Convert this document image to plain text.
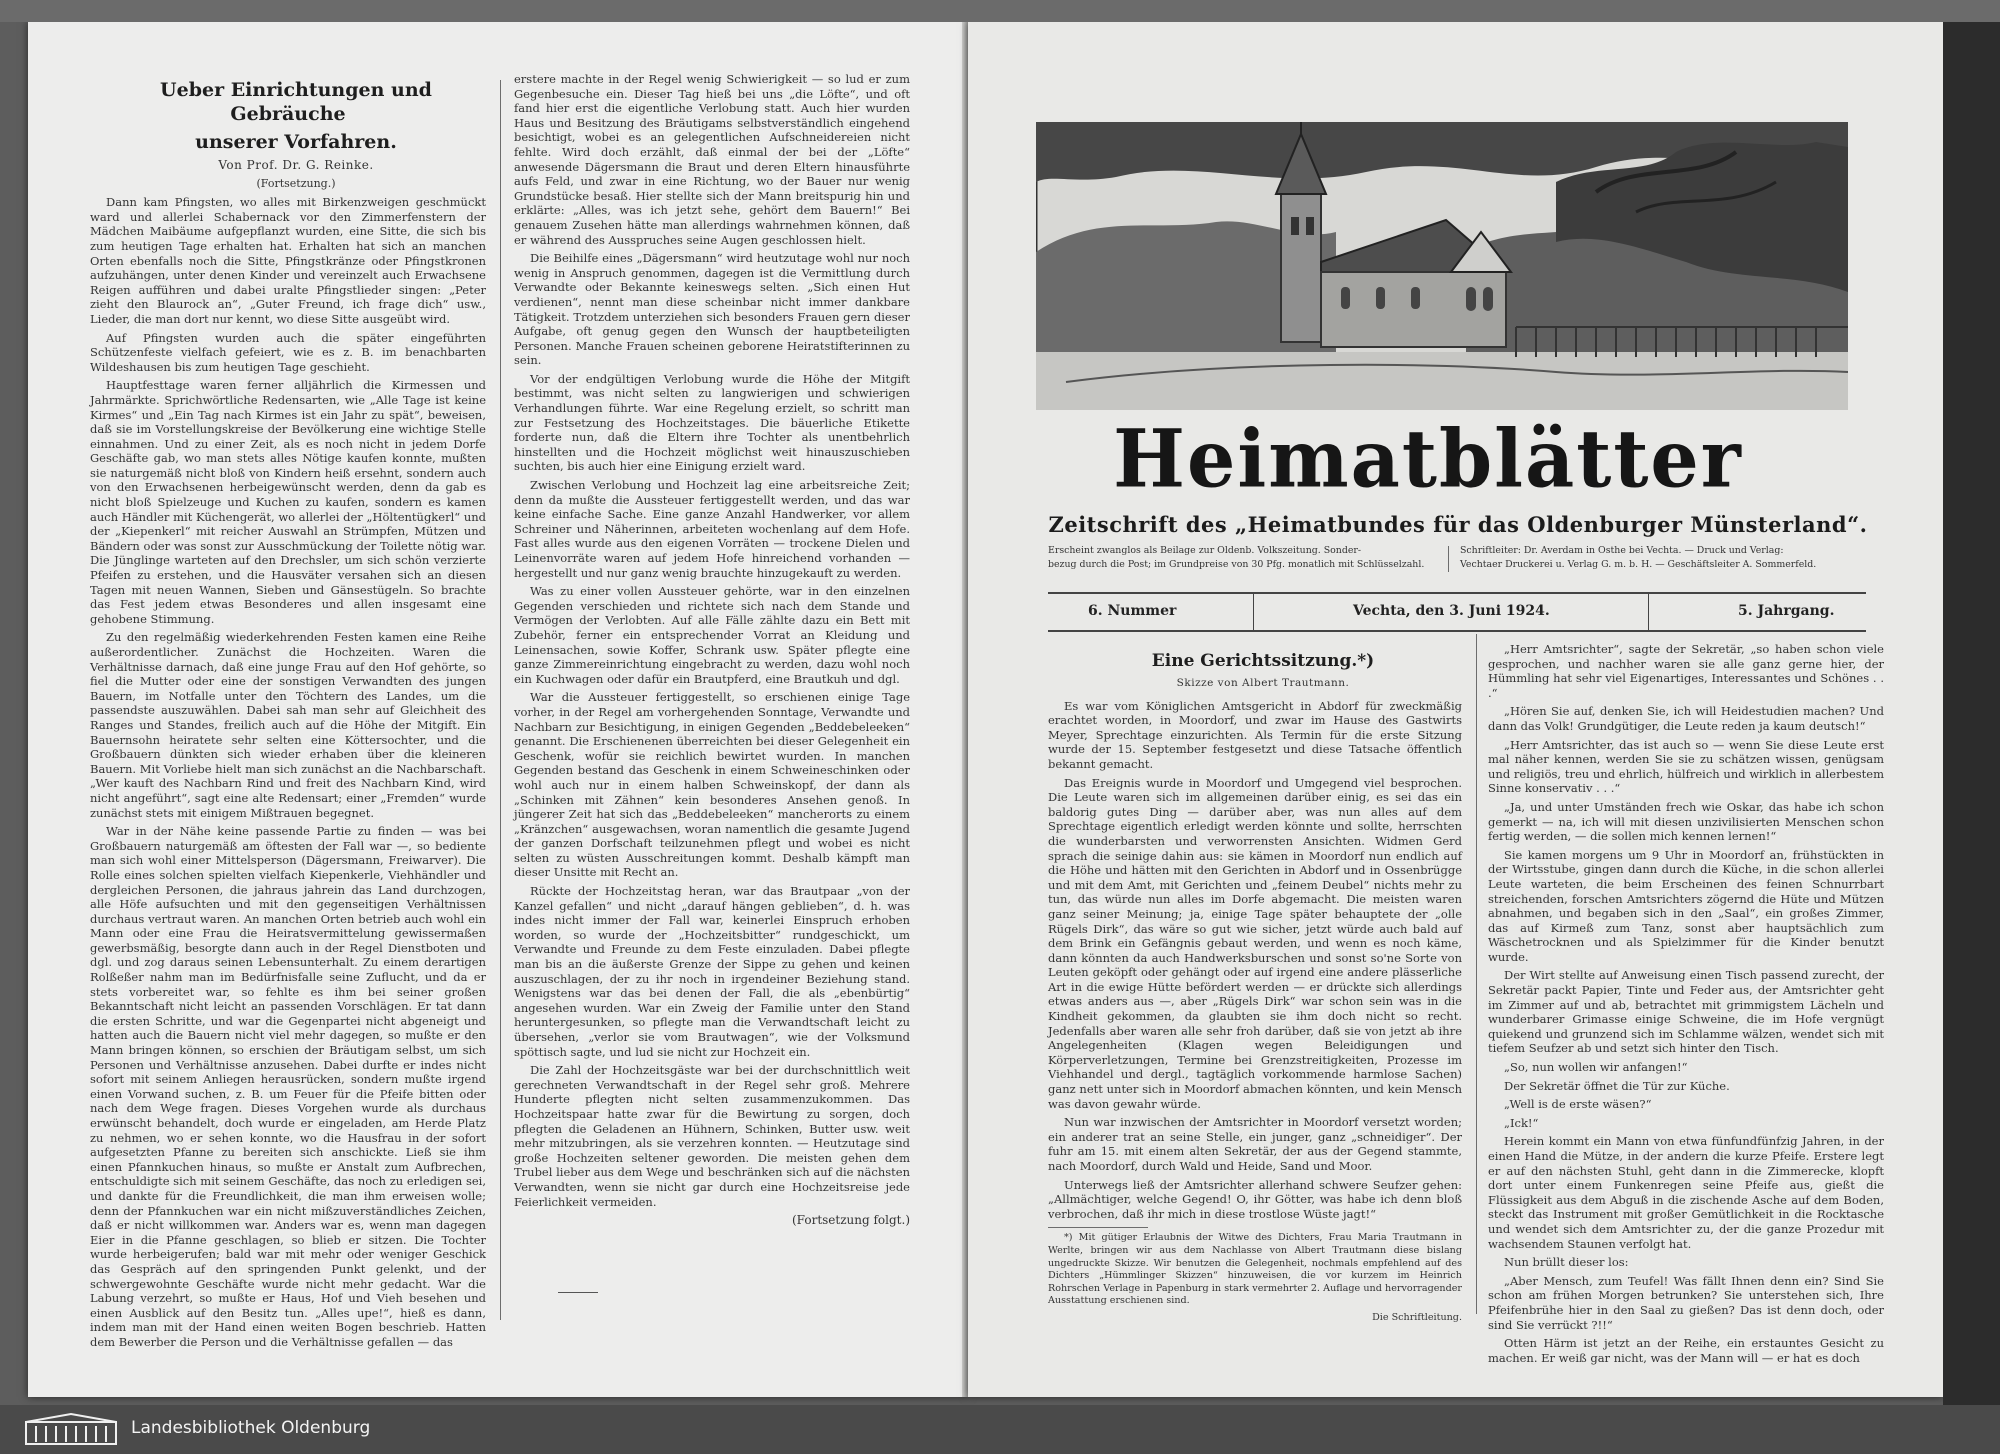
Ueber Einrichtungen und Gebräuche

unserer Vorfahren.

Von Prof. Dr. G. Reinke.

(Fortsetzung.)

Dann kam Pfingsten, wo alles mit Birkenzweigen geschmückt ward und allerlei Schabernack vor den Zimmerfenstern der Mädchen Maibäume aufgepflanzt wurden, eine Sitte, die sich bis zum heutigen Tage erhalten hat. Erhalten hat sich an manchen Orten ebenfalls noch die Sitte, Pfingstkränze oder Pfingstkronen aufzuhängen, unter denen Kinder und vereinzelt auch Erwachsene Reigen aufführen und dabei uralte Pfingstlieder singen: „Peter zieht den Blaurock an“, „Guter Freund, ich frage dich“ usw., Lieder, die man dort nur kennt, wo diese Sitte ausgeübt wird.

Auf Pfingsten wurden auch die später eingeführten Schützenfeste vielfach gefeiert, wie es z. B. im benachbarten Wildeshausen bis zum heutigen Tage geschieht.

Hauptfesttage waren ferner alljährlich die Kirmessen und Jahrmärkte. Sprichwörtliche Redensarten, wie „Alle Tage ist keine Kirmes“ und „Ein Tag nach Kirmes ist ein Jahr zu spät“, beweisen, daß sie im Vorstellungskreise der Bevölkerung eine wichtige Stelle einnahmen. Und zu einer Zeit, als es noch nicht in jedem Dorfe Geschäfte gab, wo man stets alles Nötige kaufen konnte, mußten sie naturgemäß nicht bloß von Kindern heiß ersehnt, sondern auch von den Erwachsenen herbeigewünscht werden, denn da gab es nicht bloß Spielzeuge und Kuchen zu kaufen, sondern es kamen auch Händler mit Küchengerät, wo allerlei der „Höltentügkerl“ und der „Kiepenkerl“ mit reicher Auswahl an Strümpfen, Mützen und Bändern oder was sonst zur Ausschmückung der Toilette nötig war. Die Jünglinge warteten auf den Drechsler, um sich schön verzierte Pfeifen zu erstehen, und die Hausväter versahen sich an diesen Tagen mit neuen Wannen, Sieben und Gänsestügeln. So brachte das Fest jedem etwas Besonderes und allen insgesamt eine gehobene Stimmung.

Zu den regelmäßig wiederkehrenden Festen kamen eine Reihe außerordentlicher. Zunächst die Hochzeiten. Waren die Verhältnisse darnach, daß eine junge Frau auf den Hof gehörte, so fiel die Mutter oder eine der sonstigen Verwandten des jungen Bauern, im Notfalle unter den Töchtern des Landes, um die passendste auszuwählen. Dabei sah man sehr auf Gleichheit des Ranges und Standes, freilich auch auf die Höhe der Mitgift. Ein Bauernsohn heiratete sehr selten eine Köttersochter, und die Großbauern dünkten sich wieder erhaben über die kleineren Bauern. Mit Vorliebe hielt man sich zunächst an die Nachbarschaft. „Wer kauft des Nachbarn Rind und freit des Nachbarn Kind, wird nicht angeführt“, sagt eine alte Redensart; einer „Fremden“ wurde zunächst stets mit einigem Mißtrauen begegnet.

War in der Nähe keine passende Partie zu finden — was bei Großbauern naturgemäß am öftesten der Fall war —, so bediente man sich wohl einer Mittelsperson (Dägersmann, Freiwarver). Die Rolle eines solchen spielten vielfach Kiepenkerle, Viehhändler und dergleichen Personen, die jahraus jahrein das Land durchzogen, alle Höfe aufsuchten und mit den gegenseitigen Verhältnissen durchaus vertraut waren. An manchen Orten betrieb auch wohl ein Mann oder eine Frau die Heiratsvermittelung gewissermaßen gewerbsmäßig, besorgte dann auch in der Regel Dienstboten und dgl. und zog daraus seinen Lebensunterhalt. Zu einem derartigen Rolßeßer nahm man im Bedürfnisfalle seine Zuflucht, und da er stets vorbereitet war, so fehlte es ihm bei seiner großen Bekanntschaft nicht leicht an passenden Vorschlägen. Er tat dann die ersten Schritte, und war die Gegenpartei nicht abgeneigt und hatten auch die Bauern nicht viel mehr dagegen, so mußte er den Mann bringen können, so erschien der Bräutigam selbst, um sich Personen und Verhältnisse anzusehen. Dabei durfte er indes nicht sofort mit seinem Anliegen herausrücken, sondern mußte irgend einen Vorwand suchen, z. B. um Feuer für die Pfeife bitten oder nach dem Wege fragen. Dieses Vorgehen wurde als durchaus erwünscht behandelt, doch wurde er eingeladen, am Herde Platz zu nehmen, wo er sehen konnte, wo die Hausfrau in der sofort aufgesetzten Pfanne zu bereiten sich anschickte. Ließ sie ihm einen Pfannkuchen hinaus, so mußte er Anstalt zum Aufbrechen, entschuldigte sich mit seinem Geschäfte, das noch zu erledigen sei, und dankte für die Freundlichkeit, die man ihm erweisen wolle; denn der Pfannkuchen war ein nicht mißzuverständliches Zeichen, daß er nicht willkommen war. Anders war es, wenn man dagegen Eier in die Pfanne geschlagen, so blieb er sitzen. Die Tochter wurde herbeigerufen; bald war mit mehr oder weniger Geschick das Gespräch auf den springenden Punkt gelenkt, und der schwergewohnte Geschäfte wurde nicht mehr gedacht. War die Labung verzehrt, so mußte er Haus, Hof und Vieh besehen und einen Ausblick auf den Besitz tun. „Alles upe!“, hieß es dann, indem man mit der Hand einen weiten Bogen beschrieb. Hatten dem Bewerber die Person und die Verhältnisse gefallen — das

erstere machte in der Regel wenig Schwierigkeit — so lud er zum Gegenbesuche ein. Dieser Tag hieß bei uns „die Löfte“, und oft fand hier erst die eigentliche Verlobung statt. Auch hier wurden Haus und Besitzung des Bräutigams selbstverständlich eingehend besichtigt, wobei es an gelegentlichen Aufschneidereien nicht fehlte. Wird doch erzählt, daß einmal der bei der „Löfte“ anwesende Dägersmann die Braut und deren Eltern hinausführte aufs Feld, und zwar in eine Richtung, wo der Bauer nur wenig Grundstücke besaß. Hier stellte sich der Mann breitspurig hin und erklärte: „Alles, was ich jetzt sehe, gehört dem Bauern!“ Bei genauem Zusehen hätte man allerdings wahrnehmen können, daß er während des Ausspruches seine Augen geschlossen hielt.

Die Beihilfe eines „Dägersmann“ wird heutzutage wohl nur noch wenig in Anspruch genommen, dagegen ist die Vermittlung durch Verwandte oder Bekannte keineswegs selten. „Sich einen Hut verdienen“, nennt man diese scheinbar nicht immer dankbare Tätigkeit. Trotzdem unterziehen sich besonders Frauen gern dieser Aufgabe, oft genug gegen den Wunsch der hauptbeteiligten Personen. Manche Frauen scheinen geborene Heiratstifterinnen zu sein.

Vor der endgültigen Verlobung wurde die Höhe der Mitgift bestimmt, was nicht selten zu langwierigen und schwierigen Verhandlungen führte. War eine Regelung erzielt, so schritt man zur Festsetzung des Hochzeitstages. Die bäuerliche Etikette forderte nun, daß die Eltern ihre Tochter als unentbehrlich hinstellten und die Hochzeit möglichst weit hinauszuschieben suchten, bis auch hier eine Einigung erzielt ward.

Zwischen Verlobung und Hochzeit lag eine arbeitsreiche Zeit; denn da mußte die Aussteuer fertiggestellt werden, und das war keine einfache Sache. Eine ganze Anzahl Handwerker, vor allem Schreiner und Näherinnen, arbeiteten wochenlang auf dem Hofe. Fast alles wurde aus den eigenen Vorräten — trockene Dielen und Leinenvorräte waren auf jedem Hofe hinreichend vorhanden — hergestellt und nur ganz wenig brauchte hinzugekauft zu werden.

Was zu einer vollen Aussteuer gehörte, war in den einzelnen Gegenden verschieden und richtete sich nach dem Stande und Vermögen der Verlobten. Auf alle Fälle zählte dazu ein Bett mit Zubehör, ferner ein entsprechender Vorrat an Kleidung und Leinensachen, sowie Koffer, Schrank usw. Später pflegte eine ganze Zimmereinrichtung eingebracht zu werden, dazu wohl noch ein Kuchwagen oder dafür ein Brautpferd, eine Brautkuh und dgl.

War die Aussteuer fertiggestellt, so erschienen einige Tage vorher, in der Regel am vorhergehenden Sonntage, Verwandte und Nachbarn zur Besichtigung, in einigen Gegenden „Beddebeleeken“ genannt. Die Erschienenen überreichten bei dieser Gelegenheit ein Geschenk, wofür sie reichlich bewirtet wurden. In manchen Gegenden bestand das Geschenk in einem Schweineschinken oder wohl auch nur in einem halben Schweinskopf, der dann als „Schinken mit Zähnen“ kein besonderes Ansehen genoß. In jüngerer Zeit hat sich das „Beddebeleeken“ mancherorts zu einem „Kränzchen“ ausgewachsen, woran namentlich die gesamte Jugend der ganzen Dorfschaft teilzunehmen pflegt und wobei es nicht selten zu wüsten Ausschreitungen kommt. Deshalb kämpft man dieser Unsitte mit Recht an.

Rückte der Hochzeitstag heran, war das Brautpaar „von der Kanzel gefallen“ und nicht „darauf hängen geblieben“, d. h. was indes nicht immer der Fall war, keinerlei Einspruch erhoben worden, so wurde der „Hochzeitsbitter“ rundgeschickt, um Verwandte und Freunde zu dem Feste einzuladen. Dabei pflegte man bis an die äußerste Grenze der Sippe zu gehen und keinen auszuschlagen, der zu ihr noch in irgendeiner Beziehung stand. Wenigstens war das bei denen der Fall, die als „ebenbürtig“ angesehen wurden. War ein Zweig der Familie unter den Stand heruntergesunken, so pflegte man die Verwandtschaft leicht zu übersehen, „verlor sie vom Brautwagen“, wie der Volksmund spöttisch sagte, und lud sie nicht zur Hochzeit ein.

Die Zahl der Hochzeitsgäste war bei der durchschnittlich weit gerechneten Verwandtschaft in der Regel sehr groß. Mehrere Hunderte pflegten nicht selten zusammenzukommen. Das Hochzeitspaar hatte zwar für die Bewirtung zu sorgen, doch pflegten die Geladenen an Hühnern, Schinken, Butter usw. weit mehr mitzubringen, als sie verzehren konnten. — Heutzutage sind große Hochzeiten seltener geworden. Die meisten gehen dem Trubel lieber aus dem Wege und beschränken sich auf die nächsten Verwandten, wenn sie nicht gar durch eine Hochzeitsreise jede Feierlichkeit vermeiden.

(Fortsetzung folgt.)

Heimatblätter
Zeitschrift des „Heimatbundes für das Oldenburger Münsterland“.
Erscheint zwanglos als Beilage zur Oldenb. Volkszeitung. Sonder-
bezug durch die Post; im Grundpreise von 30 Pfg. monatlich mit Schlüsselzahl.
Schriftleiter: Dr. Averdam in Osthe bei Vechta. — Druck und Verlag:
Vechtaer Druckerei u. Verlag G. m. b. H. — Geschäftsleiter A. Sommerfeld.
6. Nummer	Vechta, den 3. Juni 1924.	5. Jahrgang.

Eine Gerichtssitzung.*)

Skizze von Albert Trautmann.

Es war vom Königlichen Amtsgericht in Abdorf für zweckmäßig erachtet worden, in Moordorf, und zwar im Hause des Gastwirts Meyer, Sprechtage einzurichten. Als Termin für die erste Sitzung wurde der 15. September festgesetzt und diese Tatsache öffentlich bekannt gemacht.

Das Ereignis wurde in Moordorf und Umgegend viel besprochen. Die Leute waren sich im allgemeinen darüber einig, es sei das ein baldorig gutes Ding — darüber aber, was nun alles auf dem Sprechtage eigentlich erledigt werden könnte und sollte, herrschten die wunderbarsten und verworrensten Ansichten. Widmen Gerd sprach die seinige dahin aus: sie kämen in Moordorf nun endlich auf die Höhe und hätten mit den Gerichten in Abdorf und in Ossenbrügge und mit dem Amt, mit Gerichten und „feinem Deubel“ nichts mehr zu tun, das würde nun alles im Dorfe abgemacht. Die meisten waren ganz seiner Meinung; ja, einige Tage später behauptete der „olle Rügels Dirk“, das wäre so gut wie sicher, jetzt würde auch bald auf dem Brink ein Gefängnis gebaut werden, und wenn es noch käme, dann könnten da auch Handwerksburschen und sonst so'ne Sorte von Leuten geköpft oder gehängt oder auf irgend eine andere plässerliche Art in die ewige Hütte befördert werden — er drückte sich allerdings etwas anders aus —, aber „Rügels Dirk“ war schon sein was in die Kindheit gekommen, da glaubten sie ihm doch nicht so recht. Jedenfalls aber waren alle sehr froh darüber, daß sie von jetzt ab ihre Angelegenheiten (Klagen wegen Beleidigungen und Körperverletzungen, Termine bei Grenzstreitigkeiten, Prozesse im Viehhandel und dergl., tagtäglich vorkommende harmlose Sachen) ganz nett unter sich in Moordorf abmachen könnten, und kein Mensch was davon gewahr würde.

Nun war inzwischen der Amtsrichter in Moordorf versetzt worden; ein anderer trat an seine Stelle, ein junger, ganz „schneidiger“. Der fuhr am 15. mit einem alten Sekretär, der aus der Gegend stammte, nach Moordorf, durch Wald und Heide, Sand und Moor.

Unterwegs ließ der Amtsrichter allerhand schwere Seufzer gehen: „Allmächtiger, welche Gegend! O, ihr Götter, was habe ich denn bloß verbrochen, daß ihr mich in diese trostlose Wüste jagt!“

*) Mit gütiger Erlaubnis der Witwe des Dichters, Frau Maria Trautmann in Werlte, bringen wir aus dem Nachlasse von Albert Trautmann diese bislang ungedruckte Skizze. Wir benutzen die Gelegenheit, nochmals empfehlend auf des Dichters „Hümmlinger Skizzen“ hinzuweisen, die vor kurzem im Heinrich Rohrschen Verlage in Papenburg in stark vermehrter 2. Auflage und hervorragender Ausstattung erschienen sind.

Die Schriftleitung.

„Herr Amtsrichter“, sagte der Sekretär, „so haben schon viele gesprochen, und nachher waren sie alle ganz gerne hier, der Hümmling hat sehr viel Eigenartiges, Interessantes und Schönes . . .“

„Hören Sie auf, denken Sie, ich will Heidestudien machen? Und dann das Volk! Grundgütiger, die Leute reden ja kaum deutsch!“

„Herr Amtsrichter, das ist auch so — wenn Sie diese Leute erst mal näher kennen, werden Sie sie zu schätzen wissen, genügsam und religiös, treu und ehrlich, hülfreich und wirklich in allerbestem Sinne konservativ . . .“

„Ja, und unter Umständen frech wie Oskar, das habe ich schon gemerkt — na, ich will mit diesen unzivilisierten Menschen schon fertig werden, — die sollen mich kennen lernen!“

Sie kamen morgens um 9 Uhr in Moordorf an, frühstückten in der Wirtsstube, gingen dann durch die Küche, in die schon allerlei Leute warteten, die beim Erscheinen des feinen Schnurrbart streichenden, forschen Amtsrichters zögernd die Hüte und Mützen abnahmen, und begaben sich in den „Saal“, ein großes Zimmer, das auf Kirmeß zum Tanz, sonst aber hauptsächlich zum Wäschetrocknen und als Spielzimmer für die Kinder benutzt wurde.

Der Wirt stellte auf Anweisung einen Tisch passend zurecht, der Sekretär packt Papier, Tinte und Feder aus, der Amtsrichter geht im Zimmer auf und ab, betrachtet mit grimmigstem Lächeln und wunderbarer Grimasse einige Schweine, die im Hofe vergnügt quiekend und grunzend sich im Schlamme wälzen, wendet sich mit tiefem Seufzer ab und setzt sich hinter den Tisch.

„So, nun wollen wir anfangen!“

Der Sekretär öffnet die Tür zur Küche.

„Well is de erste wäsen?“

„Ick!“

Herein kommt ein Mann von etwa fünfundfünfzig Jahren, in der einen Hand die Mütze, in der andern die kurze Pfeife. Erstere legt er auf den nächsten Stuhl, geht dann in die Zimmerecke, klopft dort unter einem Funkenregen seine Pfeife aus, gießt die Flüssigkeit aus dem Abguß in die zischende Asche auf dem Boden, steckt das Instrument mit großer Gemütlichkeit in die Rocktasche und wendet sich dem Amtsrichter zu, der die ganze Prozedur mit wachsendem Staunen verfolgt hat.

Nun brüllt dieser los:

„Aber Mensch, zum Teufel! Was fällt Ihnen denn ein? Sind Sie schon am frühen Morgen betrunken? Sie unterstehen sich, Ihre Pfeifenbrühe hier in den Saal zu gießen? Das ist denn doch, oder sind Sie verrückt ?!!“

Otten Härm ist jetzt an der Reihe, ein erstauntes Gesicht zu machen. Er weiß gar nicht, was der Mann will — er hat es doch

Landesbibliothek Oldenburg
